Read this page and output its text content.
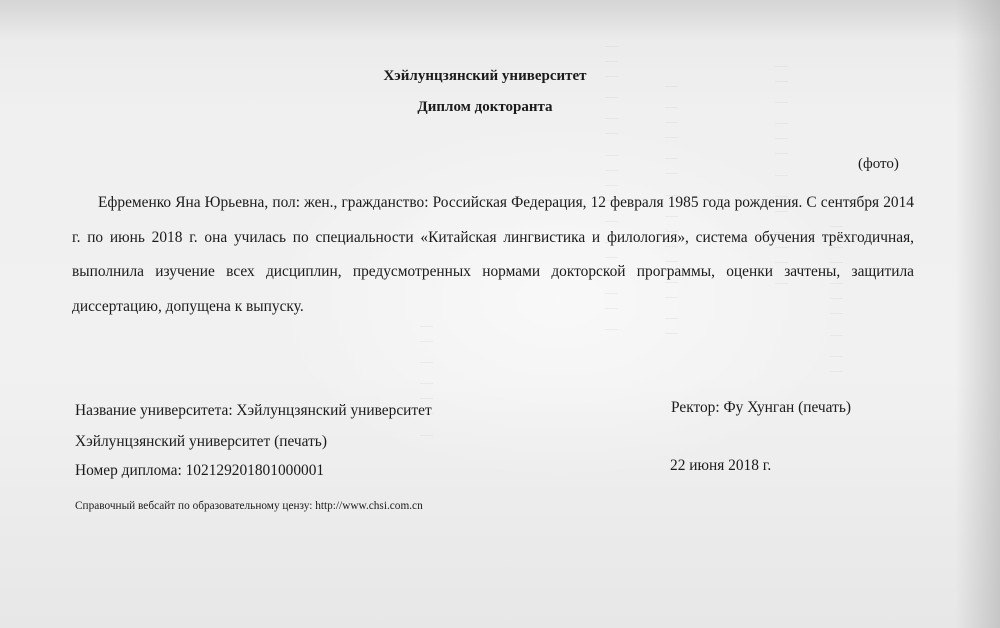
｜｜｜ ｜ ｜｜ ｜｜｜｜ ｜ ｜｜｜ ｜｜ ｜	｜ ｜｜｜ ｜｜ ｜ ｜｜｜｜ ｜｜ ｜｜	｜｜ ｜ ｜｜｜ ｜ ｜｜ ｜｜｜ ｜
｜ ｜｜ ｜｜｜ ｜ ｜｜
｜｜ ｜ ｜｜｜ ｜
Хэйлунцзянский университет
Диплом докторанта
(фото)
Ефременко Яна Юрьевна, пол: жен., гражданство: Российская Федерация, 12 февраля 1985 года рождения. С сентября 2014 г. по июнь 2018 г. она училась по специальности «Китайская лингвистика и филология», система обучения трёхгодичная, выполнила изучение всех дисциплин, предусмотренных нормами докторской программы, оценки зачтены, защитила диссертацию, допущена к выпуску.
Название университета: Хэйлунцзянский университет
Хэйлунцзянский университет (печать)
Номер диплома: 102129201801000001
Ректор: Фу Хунган (печать)
22 июня 2018 г.
Справочный вебсайт по образовательному цензу: http://www.chsi.com.cn
